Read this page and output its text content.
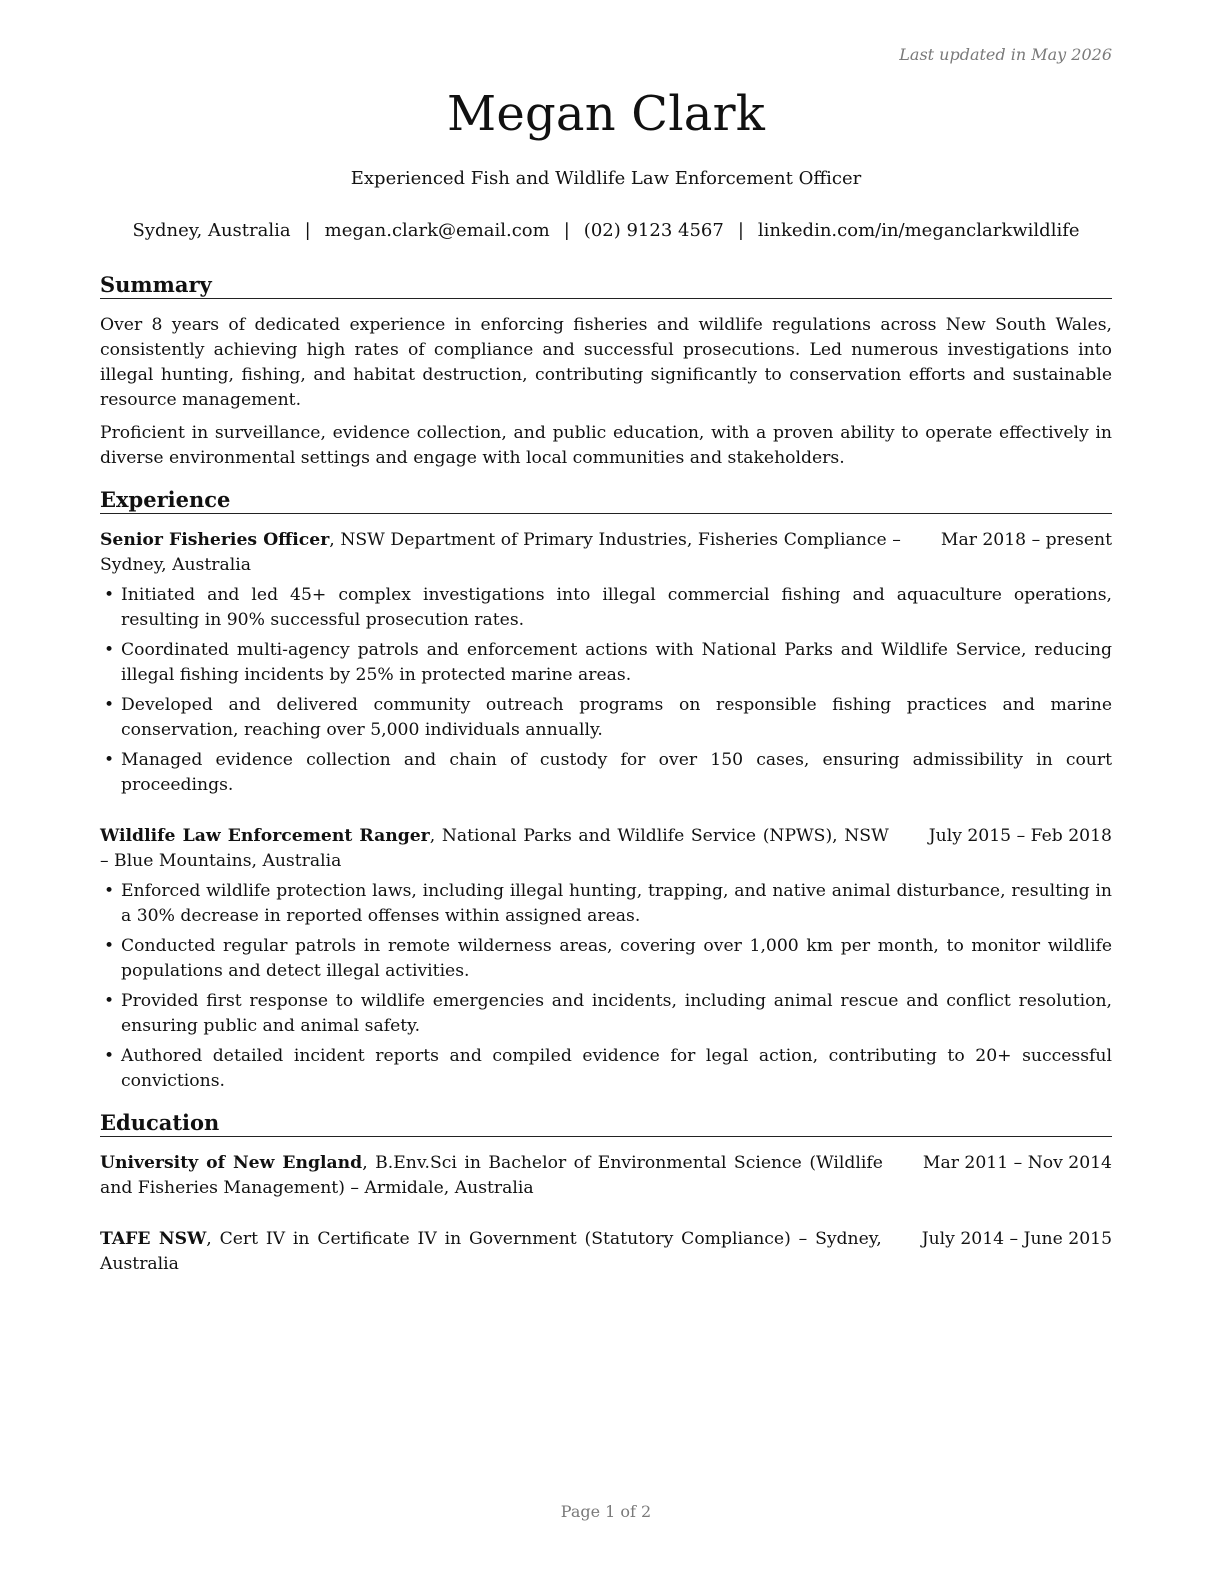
Last updated in May 2026
Megan Clark
Experienced Fish and Wildlife Law Enforcement Officer
Sydney, Australia | megan.clark@email.com | (02) 9123 4567 | linkedin.com/in/meganclarkwildlife
Summary

Over 8 years of dedicated experience in enforcing fisheries and wildlife regulations across New South Wales, consistently achieving high rates of compliance and successful prosecutions. Led numerous investigations into illegal hunting, fishing, and habitat destruction, contributing significantly to conservation efforts and sustainable resource management.

Proficient in surveillance, evidence collection, and public education, with a proven ability to operate effectively in diverse environmental settings and engage with local communities and stakeholders.

Experience
Senior Fisheries Officer, NSW Department of Primary Industries, Fisheries Compliance – Sydney, Australia
Mar 2018 – present
• Initiated and led 45+ complex investigations into illegal commercial fishing and aquaculture operations, resulting in 90% successful prosecution rates.
• Coordinated multi-agency patrols and enforcement actions with National Parks and Wildlife Service, reducing illegal fishing incidents by 25% in protected marine areas.
• Developed and delivered community outreach programs on responsible fishing practices and marine conservation, reaching over 5,000 individuals annually.
• Managed evidence collection and chain of custody for over 150 cases, ensuring admissibility in court proceedings.
Wildlife Law Enforcement Ranger, National Parks and Wildlife Service (NPWS), NSW – Blue Mountains, Australia
July 2015 – Feb 2018
• Enforced wildlife protection laws, including illegal hunting, trapping, and native animal disturbance, resulting in a 30% decrease in reported offenses within assigned areas.
• Conducted regular patrols in remote wilderness areas, covering over 1,000 km per month, to monitor wildlife populations and detect illegal activities.
• Provided first response to wildlife emergencies and incidents, including animal rescue and conflict resolution, ensuring public and animal safety.
• Authored detailed incident reports and compiled evidence for legal action, contributing to 20+ successful convictions.
Education
University of New England, B.Env.Sci in Bachelor of Environmental Science (Wildlife and Fisheries Management) – Armidale, Australia
Mar 2011 – Nov 2014
TAFE NSW, Cert IV in Certificate IV in Government (Statutory Compliance) – Sydney, Australia
July 2014 – June 2015
Page 1 of 2
